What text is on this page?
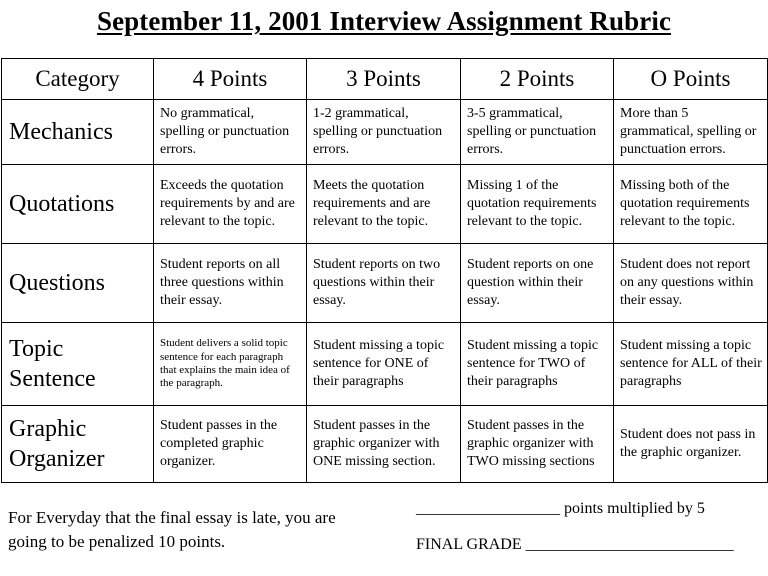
September 11, 2001 Interview Assignment Rubric
Category	4 Points	3 Points	2 Points	O Points
Mechanics	No grammatical, spelling or punctuation errors.	1-2 grammatical, spelling or punctuation errors.	3-5 grammatical, spelling or punctuation errors.	More than 5 grammatical, spelling or punctuation errors.
Quotations	Exceeds the quotation requirements by and are relevant to the topic.	Meets the quotation requirements and are relevant to the topic.	Missing 1 of the quotation requirements relevant to the topic.	Missing both of the quotation requirements relevant to the topic.
Questions	Student reports on all three questions within their essay.	Student reports on two questions within their essay.	Student reports on one question within their essay.	Student does not report on any questions within their essay.
Topic Sentence	Student delivers a solid topic sentence for each paragraph that explains the main idea of the paragraph.	Student missing a topic sentence for ONE of their paragraphs	Student missing a topic sentence for TWO of their paragraphs	Student missing a topic sentence for ALL of their paragraphs
Graphic Organizer	Student passes in the completed graphic organizer.	Student passes in the graphic organizer with ONE missing section.	Student passes in the graphic organizer with TWO missing sections	Student does not pass in the graphic organizer.
For Everyday that the final essay is late, you are going to be penalized 10 points.
__________________ points multiplied by 5
FINAL GRADE __________________________
